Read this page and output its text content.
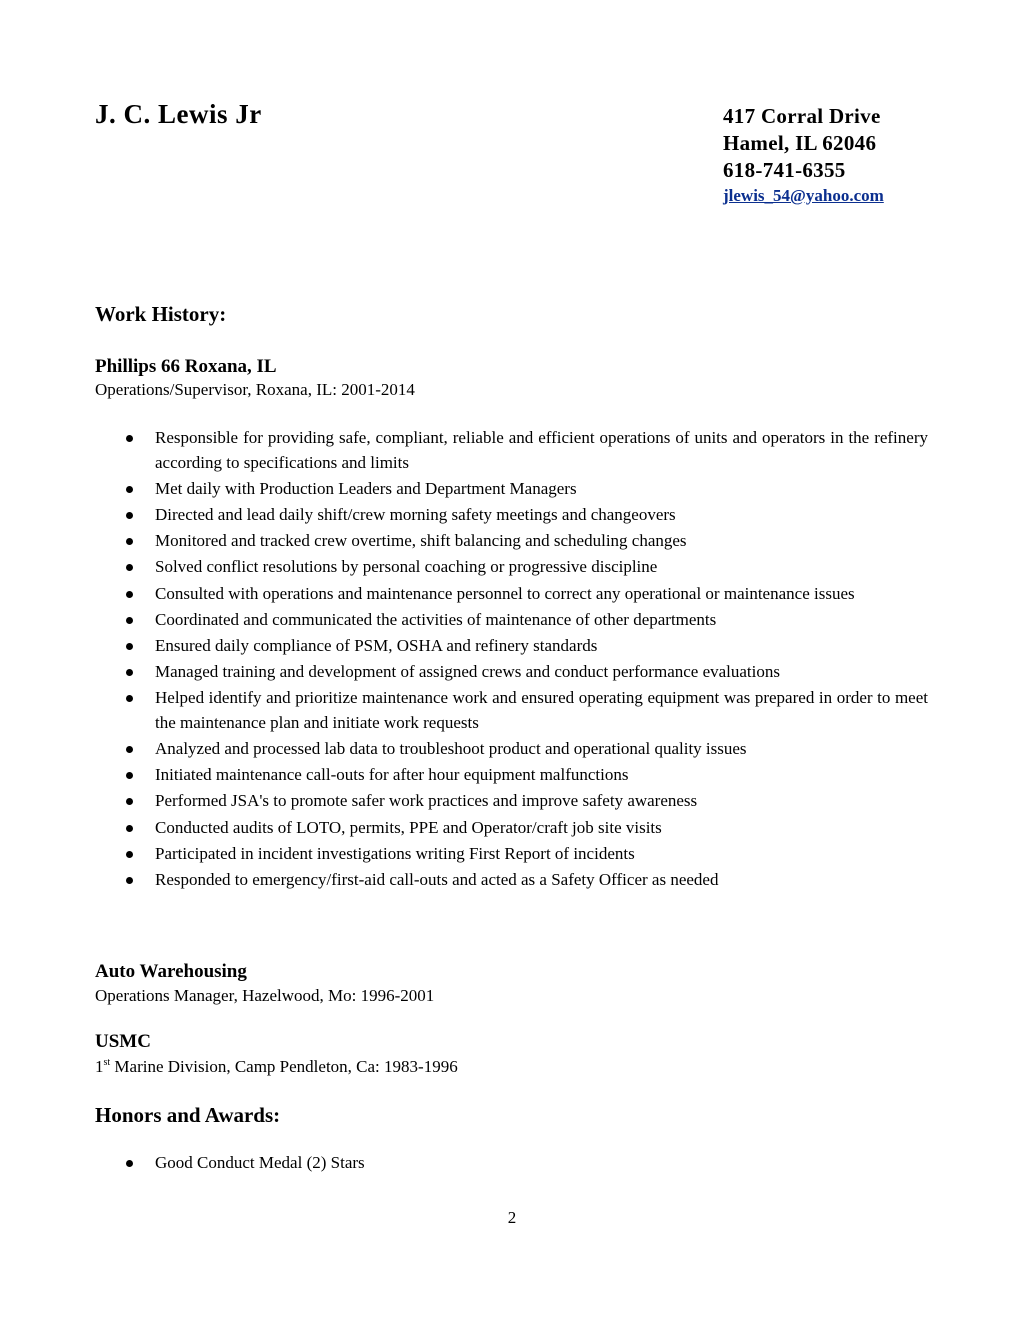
J. C. Lewis Jr	417 Corral Drive
Hamel, IL 62046
618-741-6355
jlewis_54@yahoo.com
Work History:
Phillips 66 Roxana, IL
Operations/Supervisor, Roxana, IL: 2001-2014
Responsible for providing safe, compliant, reliable and efficient operations of units and operators in the refinery according to specifications and limits
Met daily with Production Leaders and Department Managers
Directed and lead daily shift/crew morning safety meetings and changeovers
Monitored and tracked crew overtime, shift balancing and scheduling changes
Solved conflict resolutions by personal coaching or progressive discipline
Consulted with operations and maintenance personnel to correct any operational or maintenance issues
Coordinated and communicated the activities of maintenance of other departments
Ensured daily compliance of PSM, OSHA and refinery standards
Managed training and development of assigned crews and conduct performance evaluations
Helped identify and prioritize maintenance work and ensured operating equipment was prepared in order to meet the maintenance plan and initiate work requests
Analyzed and processed lab data to troubleshoot product and operational quality issues
Initiated maintenance call-outs for after hour equipment malfunctions
Performed JSA's to promote safer work practices and improve safety awareness
Conducted audits of LOTO, permits, PPE and Operator/craft job site visits
Participated in incident investigations writing First Report of incidents
Responded to emergency/first-aid call-outs and acted as a Safety Officer as needed
Auto Warehousing
Operations Manager, Hazelwood, Mo: 1996-2001
USMC
1st Marine Division, Camp Pendleton, Ca: 1983-1996
Honors and Awards:
Good Conduct Medal (2) Stars
2
